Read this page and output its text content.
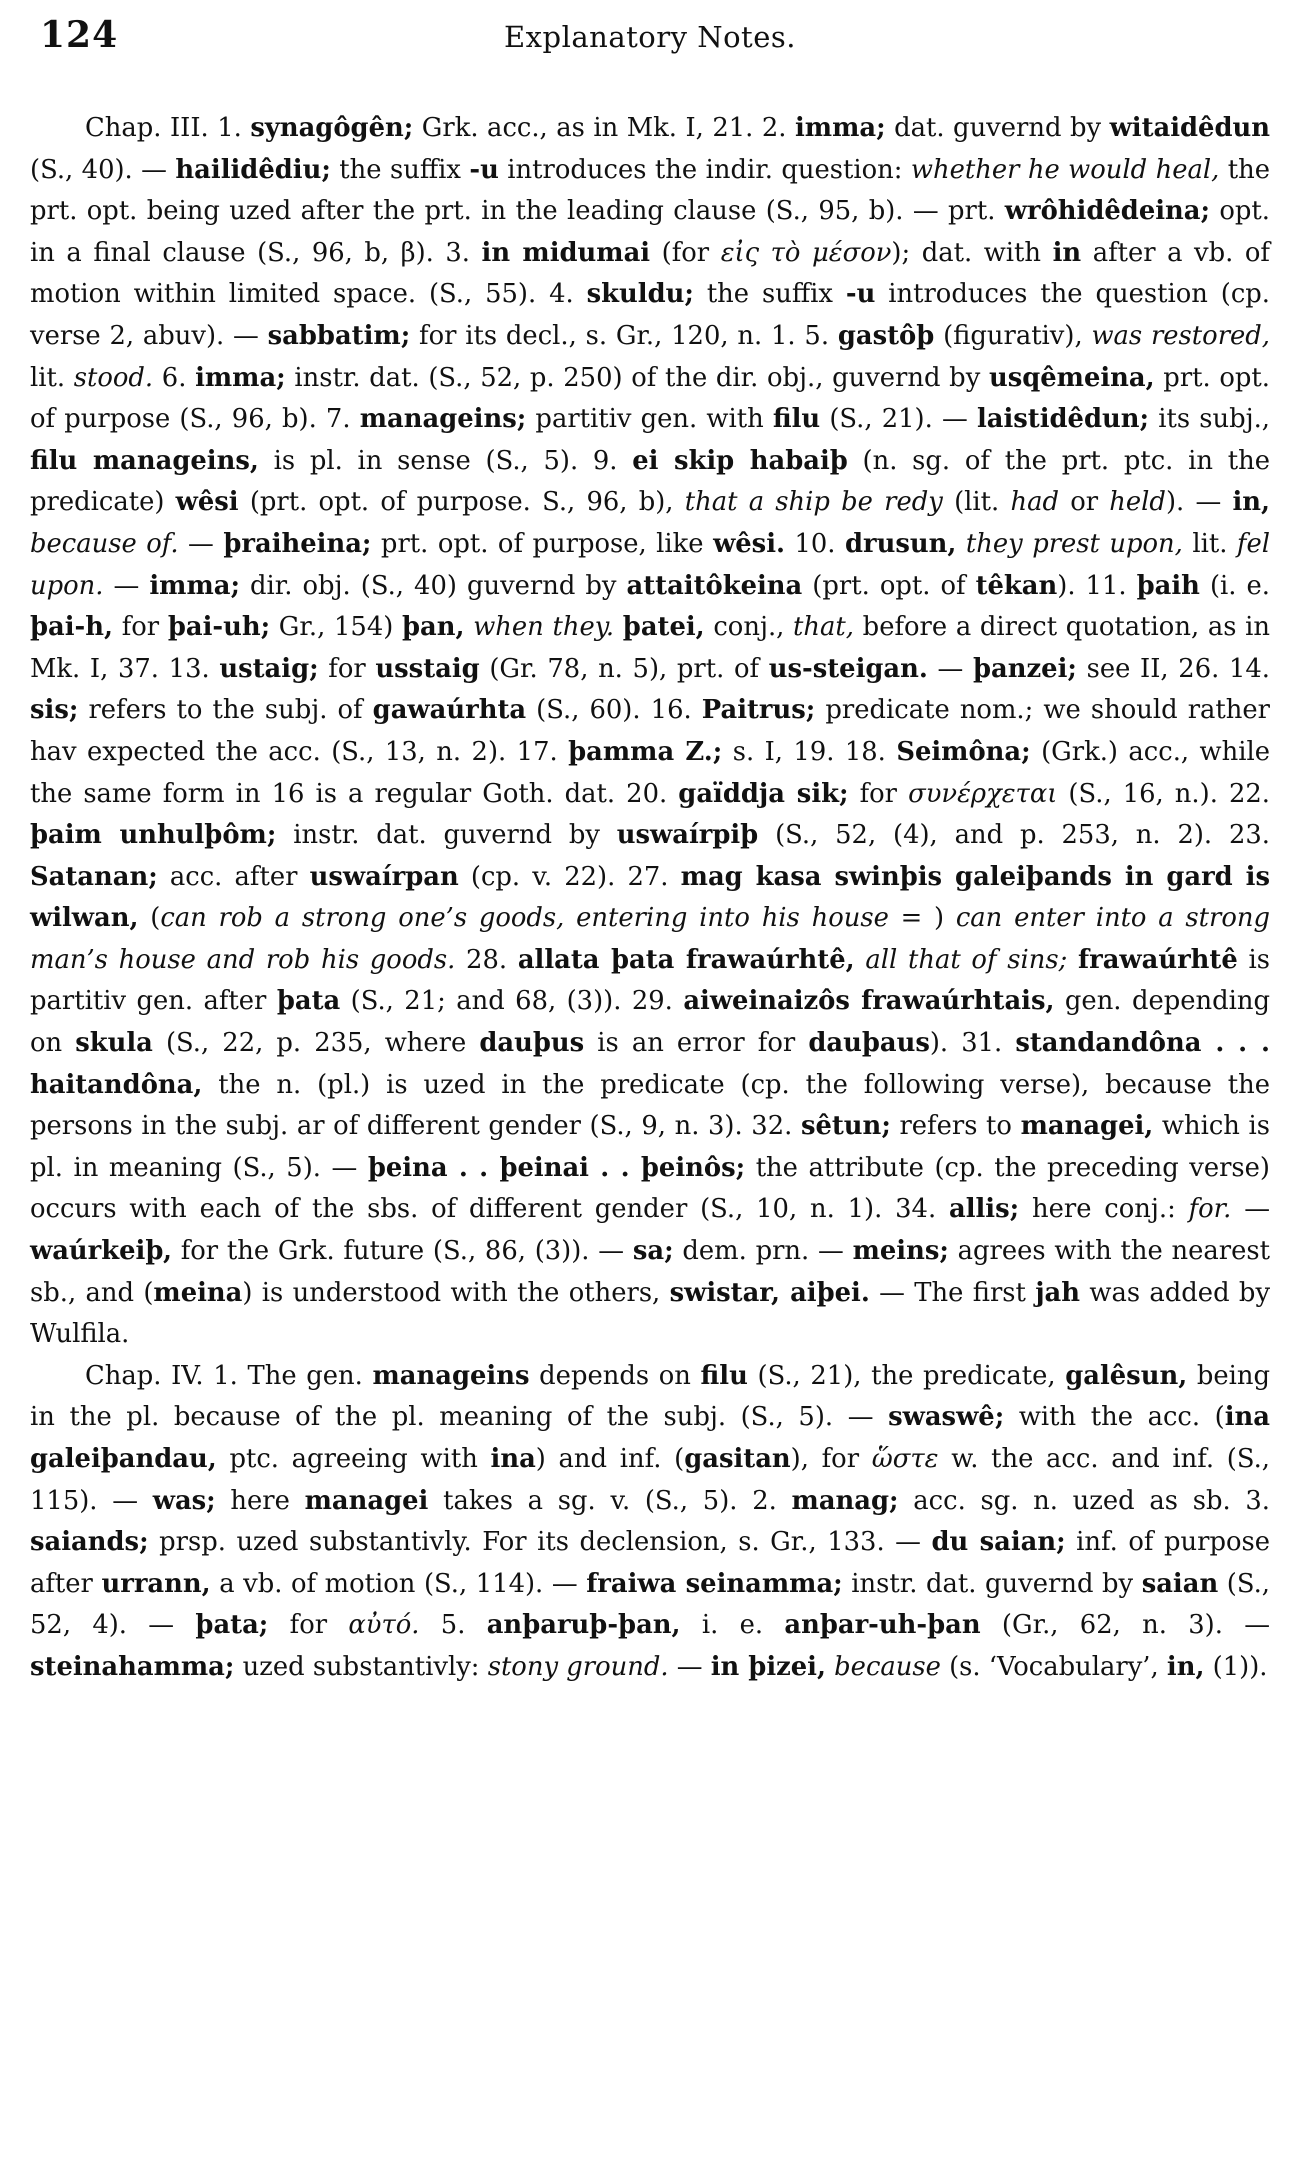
124	Explanatory Notes.

Chap. III. 1. synagôgên; Grk. acc., as in Mk. I, 21. 2. imma; dat. guvernd by witaidêdun (S., 40). — hailidêdiu; the suffix -u introduces the indir. question: whether he would heal, the prt. opt. being uzed after the prt. in the leading clause (S., 95, b). — prt. wrôhidêdeina; opt. in a final clause (S., 96, b, β). 3. in midumai (for εἰς τὸ μέσον); dat. with in after a vb. of motion within limited space. (S., 55). 4. skuldu; the suffix -u introduces the question (cp. verse 2, abuv). — sabbatim; for its decl., s. Gr., 120, n. 1. 5. gastôþ (figurativ), was restored, lit. stood. 6. imma; instr. dat. (S., 52, p. 250) of the dir. obj., guvernd by usqêmeina, prt. opt. of purpose (S., 96, b). 7. manageins; partitiv gen. with filu (S., 21). — laistidêdun; its subj., filu manageins, is pl. in sense (S., 5). 9. ei skip habaiþ (n. sg. of the prt. ptc. in the predicate) wêsi (prt. opt. of purpose. S., 96, b), that a ship be redy (lit. had or held). — in, because of. — þraiheina; prt. opt. of purpose, like wêsi. 10. drusun, they prest upon, lit. fel upon. — imma; dir. obj. (S., 40) guvernd by attaitôkeina (prt. opt. of têkan). 11. þaih (i. e. þai-h, for þai-uh; Gr., 154) þan, when they. þatei, conj., that, before a direct quotation, as in Mk. I, 37. 13. ustaig; for usstaig (Gr. 78, n. 5), prt. of us-steigan. — þanzei; see II, 26. 14. sis; refers to the subj. of gawaúrhta (S., 60). 16. Paitrus; predicate nom.; we should rather hav expected the acc. (S., 13, n. 2). 17. þamma Z.; s. I, 19. 18. Seimôna; (Grk.) acc., while the same form in 16 is a regular Goth. dat. 20. gaïddja sik; for συνέρχεται (S., 16, n.). 22. þaim unhulþôm; instr. dat. guvernd by uswaírpiþ (S., 52, (4), and p. 253, n. 2). 23. Satanan; acc. after uswaírpan (cp. v. 22). 27. mag kasa swinþis galeiþands in gard is wilwan, (can rob a strong one’s goods, entering into his house = ) can enter into a strong man’s house and rob his goods. 28. allata þata frawaúrhtê, all that of sins; frawaúrhtê is partitiv gen. after þata (S., 21; and 68, (3)). 29. aiweinaizôs frawaúrhtais, gen. depending on skula (S., 22, p. 235, where dauþus is an error for dauþaus). 31. standandôna . . . haitandôna, the n. (pl.) is uzed in the predicate (cp. the following verse), because the persons in the subj. ar of different gender (S., 9, n. 3). 32. sêtun; refers to managei, which is pl. in meaning (S., 5). — þeina . . þeinai . . þeinôs; the attribute (cp. the preceding verse) occurs with each of the sbs. of different gender (S., 10, n. 1). 34. allis; here conj.: for. — waúrkeiþ, for the Grk. future (S., 86, (3)). — sa; dem. prn. — meins; agrees with the nearest sb., and (meina) is understood with the others, swistar, aiþei. — The first jah was added by Wulfila.

Chap. IV. 1. The gen. manageins depends on filu (S., 21), the predicate, galêsun, being in the pl. because of the pl. meaning of the subj. (S., 5). — swaswê; with the acc. (ina galeiþandau, ptc. agreeing with ina) and inf. (gasitan), for ὥστε w. the acc. and inf. (S., 115). — was; here managei takes a sg. v. (S., 5). 2. manag; acc. sg. n. uzed as sb. 3. saiands; prsp. uzed substantivly. For its declension, s. Gr., 133. — du saian; inf. of purpose after urrann, a vb. of motion (S., 114). — fraiwa seinamma; instr. dat. guvernd by saian (S., 52, 4). — þata; for αὐτό. 5. anþaruþ-þan, i. e. anþar-uh-þan (Gr., 62, n. 3). — steinahamma; uzed substantivly: stony ground. — in þizei, because (s. ‘Vocabulary’, in, (1)).
